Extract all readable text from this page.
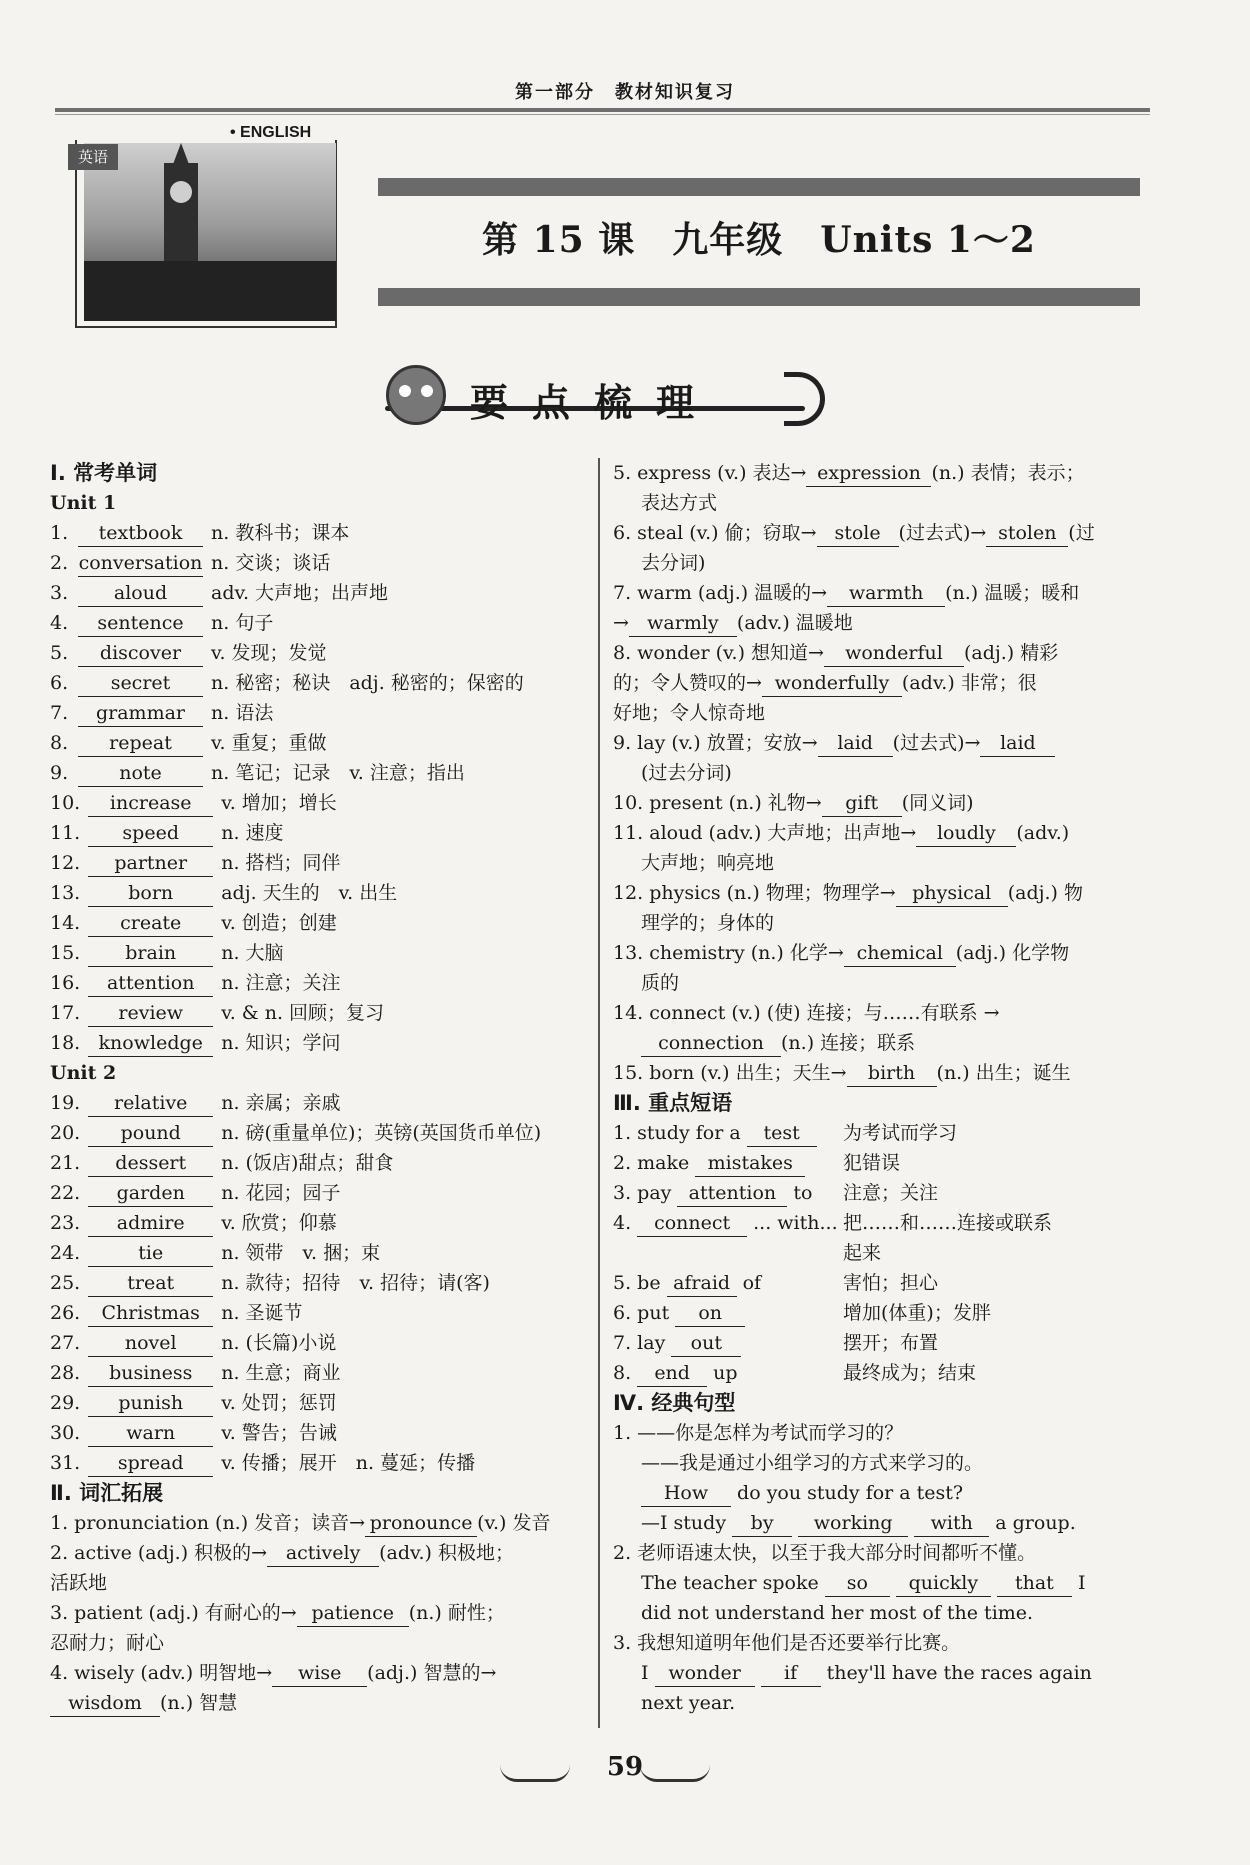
第一部分　教材知识复习
• ENGLISH
英语
第 15 课　九年级　Units 1～2
要点梳理
Ⅰ. 常考单词
Unit 1
1. textbook n. 教科书；课本
2. conversation n. 交谈；谈话
3. aloud adv. 大声地；出声地
4. sentence n. 句子
5. discover v. 发现；发觉
6. secret n. 秘密；秘诀　adj. 秘密的；保密的
7. grammar n. 语法
8. repeat v. 重复；重做
9.	note	n. 笔记；记录　v. 注意；指出
10. increase v. 增加；增长
11. speed n. 速度
12. partner n. 搭档；同伴
13.	born	adj. 天生的　v. 出生
14. create v. 创造；创建
15. brain n. 大脑
16. attention n. 注意；关注
17. review v. & n. 回顾；复习
18. knowledge n. 知识；学问
Unit 2
19. relative n. 亲属；亲戚
20. pound n. 磅(重量单位)；英镑(英国货币单位)
21. dessert n. (饭店)甜点；甜食
22. garden n. 花园；园子
23. admire v. 欣赏；仰慕
24.	tie	n. 领带　v. 捆；束
25. treat n. 款待；招待　v. 招待；请(客)
26. Christmas n. 圣诞节
27. novel n. (长篇)小说
28. business n. 生意；商业
29. punish v. 处罚；惩罚
30. warn v. 警告；告诫
31. spread v. 传播；展开　n. 蔓延；传播
Ⅱ. 词汇拓展
1. pronunciation (n.) 发音；读音→ pronounce (v.) 发音
2. active (adj.) 积极的→ actively (adv.) 积极地；
活跃地
3. patient (adj.) 有耐心的→ patience (n.) 耐性；
忍耐力；耐心
4. wisely (adv.) 明智地→ wise (adj.) 智慧的→
wisdom (n.) 智慧
5. express (v.) 表达→ expression (n.) 表情；表示；
表达方式
6. steal (v.) 偷；窃取→ stole (过去式)→ stolen (过
去分词)
7. warm (adj.) 温暖的→ warmth (n.) 温暖；暖和
→ warmly (adv.) 温暖地
8. wonder (v.) 想知道→ wonderful (adj.) 精彩
的；令人赞叹的→ wonderfully (adv.) 非常；很
好地；令人惊奇地
9. lay (v.) 放置；安放→ laid (过去式)→ laid
(过去分词)
10. present (n.) 礼物→ gift (同义词)
11. aloud (adv.) 大声地；出声地→ loudly (adv.)
大声地；响亮地
12. physics (n.) 物理；物理学→ physical (adj.) 物
理学的；身体的
13. chemistry (n.) 化学→ chemical (adj.) 化学物
质的
14. connect (v.) (使) 连接；与……有联系 →
connection (n.) 连接；联系
15. born (v.) 出生；天生→ birth (n.) 出生；诞生
Ⅲ. 重点短语
1. study for a test 为考试而学习
2. make mistakes	犯错误
3. pay attention to 注意；关注
4. connect ... with... 把……和……连接或联系
起来
5. be afraid of	害怕；担心
6. put on	增加(体重)；发胖
7. lay out	摆开；布置
8. end up	最终成为；结束
Ⅳ. 经典句型
1. ——你是怎样为考试而学习的？
——我是通过小组学习的方式来学习的。
How do you study for a test?
—I study by working with a group.
2. 老师语速太快，以至于我大部分时间都听不懂。
The teacher spoke so quickly that I
did not understand her most of the time.
3. 我想知道明年他们是否还要举行比赛。
I wonder if they'll have the races again
next year.
59
